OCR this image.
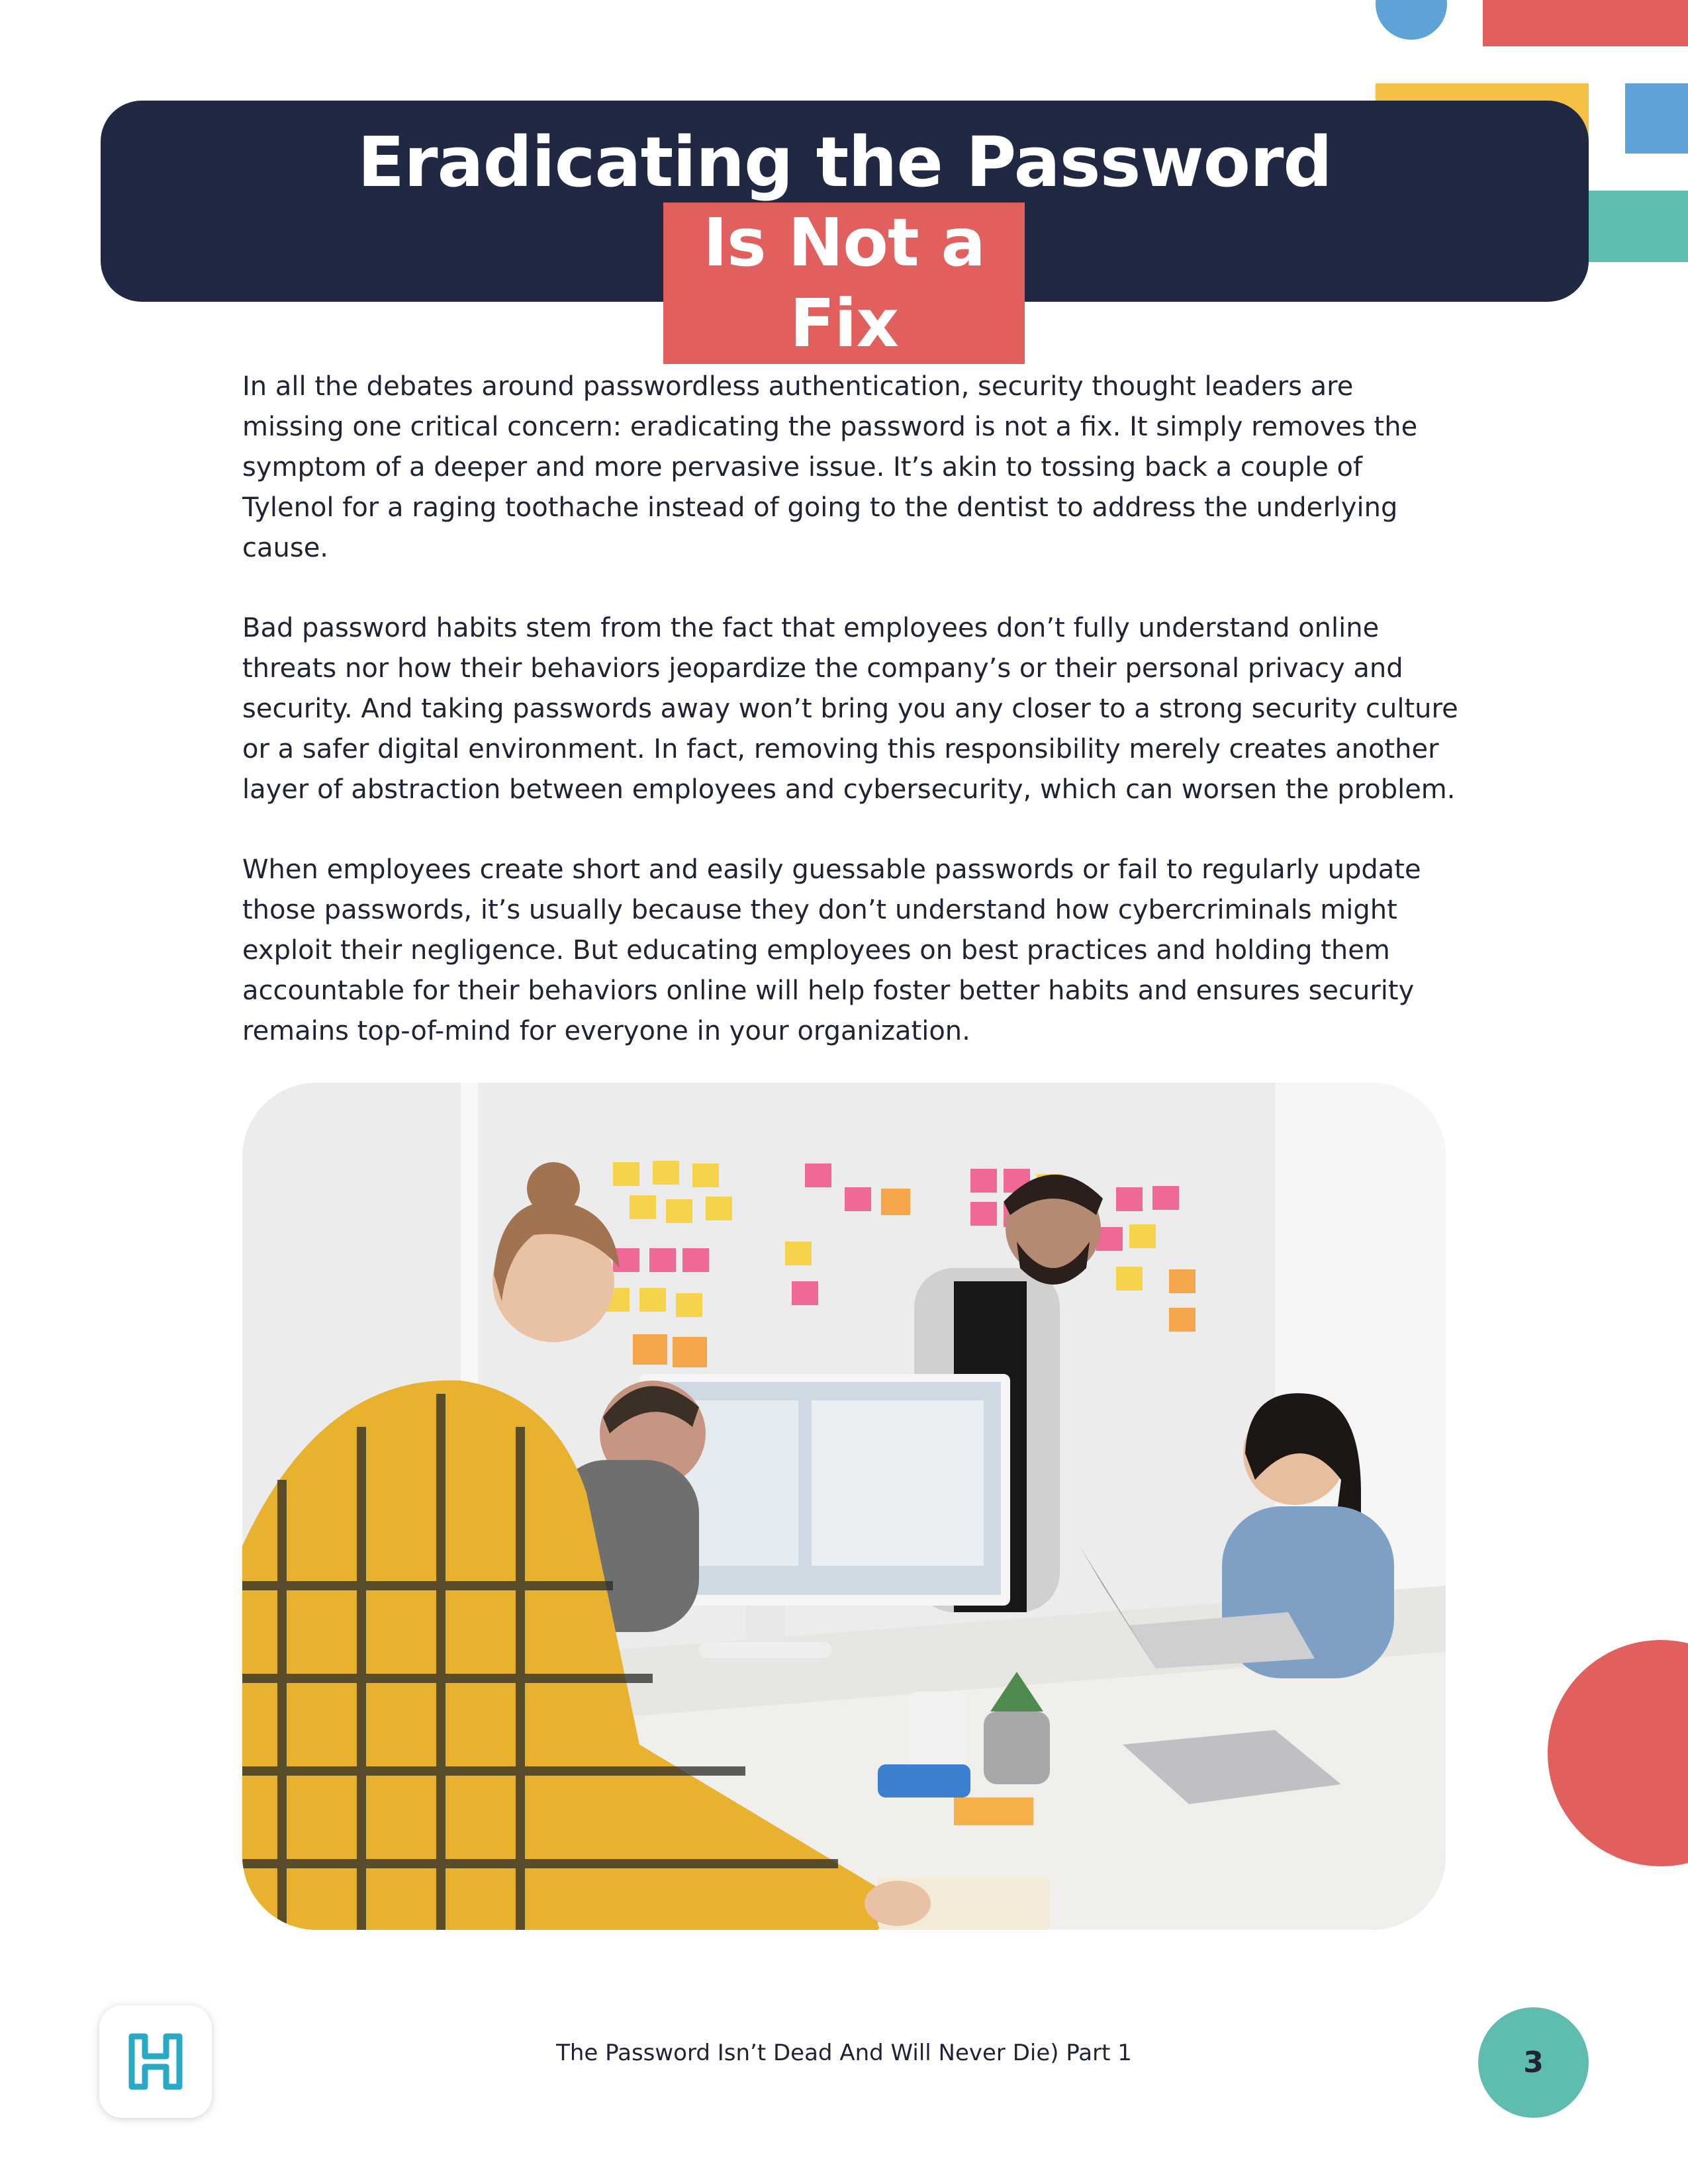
Eradicating the Password
Is Not a Fix

In all the debates around passwordless authentication, security thought leaders are missing one critical concern: eradicating the password is not a fix. It simply removes the symptom of a deeper and more pervasive issue. It’s akin to tossing back a couple of Tylenol for a raging toothache instead of going to the dentist to address the underlying cause.

Bad password habits stem from the fact that employees don’t fully understand online threats nor how their behaviors jeopardize the company’s or their personal privacy and security. And taking passwords away won’t bring you any closer to a strong security culture or a safer digital environment. In fact, removing this responsibility merely creates another layer of abstraction between employees and cybersecurity, which can worsen the problem.

When employees create short and easily guessable passwords or fail to regularly update those passwords, it’s usually because they don’t understand how cybercriminals might exploit their negligence. But educating employees on best practices and holding them accountable for their behaviors online will help foster better habits and ensures security remains top-of-mind for everyone in your organization.

The Password Isn’t Dead And Will Never Die) Part 1	3
